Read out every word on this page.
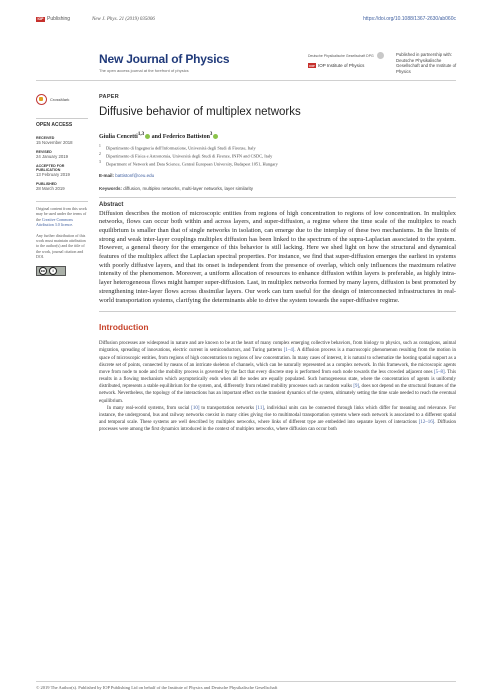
IOP Publishing	New J. Phys. 21 (2019) 035006	https://doi.org/10.1088/1367-2630/ab060c
New Journal of Physics
The open access journal at the forefront of physics
Deutsche Physikalische Gesellschaft DPG
IOP IOP Institute of Physics
Published in partnership with: Deutsche Physikalische Gesellschaft and the Institute of Physics
CrossMark
OPEN ACCESS
RECEIVED
15 November 2018
REVISED
24 January 2019
ACCEPTED FOR PUBLICATION
13 February 2019
PUBLISHED
28 March 2019

Original content from this work may be used under the terms of the Creative Commons Attribution 3.0 licence.

Any further distribution of this work must maintain attribution to the author(s) and the title of the work, journal citation and DOI.

cc	i
PAPER
Diffusive behavior of multiplex networks
Giulia Cencetti$^{1,3}$ and Federico Battiston$^3$
$^1$ Dipartimento di Ingegneria dell'Informazione, Università degli Studi di Firenze, Italy
$^2$ Dipartimento di Fisica e Astronomia, Università degli Studi di Firenze, INFN and CSDC, Italy
$^3$ Department of Network and Data Science, Central European University, Budapest 1051, Hungary
E-mail: battistonf@ceu.edu
Keywords: diffusion, multiplex networks, multi-layer networks, layer similarity
Abstract
Diffusion describes the motion of microscopic entities from regions of high concentration to regions of low concentration. In multiplex networks, flows can occur both within and across layers, and super-diffusion, a regime where the time scale of the multiplex to reach equilibrium is smaller than that of single networks in isolation, can emerge due to the interplay of these two mechanisms. In the limits of strong and weak inter-layer couplings multiplex diffusion has been linked to the spectrum of the supra-Laplacian associated to the system. However, a general theory for the emergence of this behavior is still lacking. Here we shed light on how the structural and dynamical features of the multiplex affect the Laplacian spectral properties. For instance, we find that super-diffusion emerges the earliest in systems with poorly diffusive layers, and that its onset is independent from the presence of overlap, which only influences the maximum relative intensity of the phenomenon. Moreover, a uniform allocation of resources to enhance diffusion within layers is preferable, as highly intra-layer heterogeneous flows might hamper super-diffusion. Last, in multiplex networks formed by many layers, diffusion is best promoted by strengthening inter-layer flows across dissimilar layers. Our work can turn useful for the design of interconnected infrastructures in real-world transportation systems, clarifying the determinants able to drive the system towards the super-diffusive regime.
Introduction

Diffusion processes are widespread in nature and are known to be at the heart of many complex emerging collective behaviors, from biology to physics, such as contagions, animal migration, spreading of innovations, electric current in semiconductors, and Turing patterns [1–4]. A diffusion process is a macroscopic phenomenon resulting from the motion in space of microscopic entities, from regions of high concentration to regions of low concentration. In many cases of interest, it is natural to schematize the hosting spatial support as a discrete set of points, connected by means of an intricate skeleton of channels, which can be naturally represented as a complex network. In this framework, the microscopic agents move from node to node and the mobility process is governed by the fact that every discrete step is performed from each node towards the less crowded adjacent ones [5–8]. This results in a flowing mechanism which asymptotically ends when all the nodes are equally populated. Such homogeneous state, where the concentration of agents is uniformly distributed, represents a stable equilibrium for the system, and, differently from related mobility processes such as random walks [9], does not depend on the structural features of the network. Nevertheless, the topology of the interactions has an important effect on the transient dynamics of the system, ultimately setting the time scale needed to reach the eventual equilibrium.

In many real-world systems, from social [10] to transportation networks [11], individual units can be connected through links which differ for meaning and relevance. For instance, the underground, bus and railway networks coexist in many cities giving rise to multimodal transportation systems where each network is associated to a different spatial and temporal scale. These systems are well described by multiplex networks, where links of different type are embedded into separate layers of interactions [12–16]. Diffusion processes were among the first dynamics introduced in the context of multiplex networks, where diffusion can occur both

© 2019 The Author(s). Published by IOP Publishing Ltd on behalf of the Institute of Physics and Deutsche Physikalische Gesellschaft
